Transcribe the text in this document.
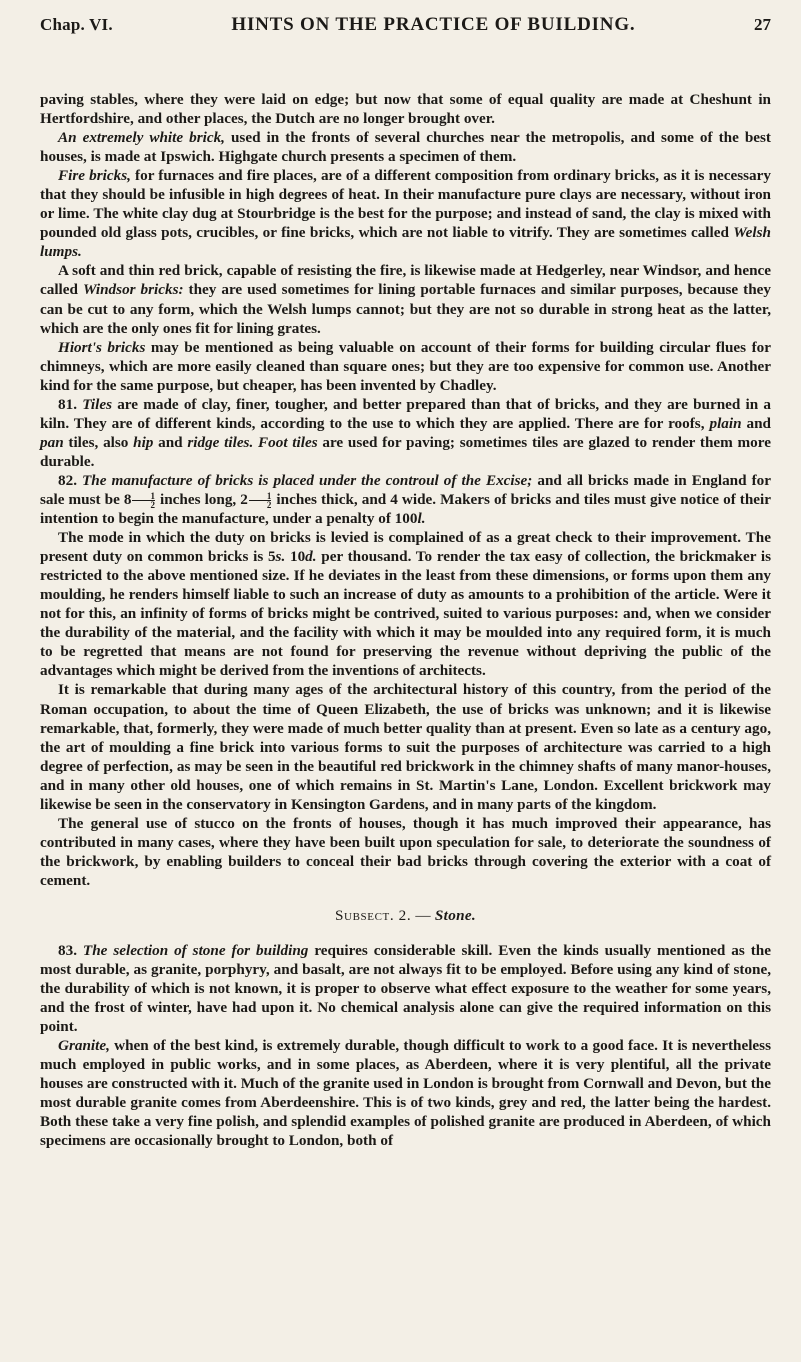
Chap. VI.	HINTS ON THE PRACTICE OF BUILDING.	27

paving stables, where they were laid on edge; but now that some of equal quality are made at Cheshunt in Hertfordshire, and other places, the Dutch are no longer brought over.

An extremely white brick, used in the fronts of several churches near the metropolis, and some of the best houses, is made at Ipswich. Highgate church presents a specimen of them.

Fire bricks, for furnaces and fire places, are of a different composition from ordinary bricks, as it is necessary that they should be infusible in high degrees of heat. In their manufacture pure clays are necessary, without iron or lime. The white clay dug at Stourbridge is the best for the purpose; and instead of sand, the clay is mixed with pounded old glass pots, crucibles, or fine bricks, which are not liable to vitrify. They are sometimes called Welsh lumps.

A soft and thin red brick, capable of resisting the fire, is likewise made at Hedgerley, near Windsor, and hence called Windsor bricks: they are used sometimes for lining portable furnaces and similar purposes, because they can be cut to any form, which the Welsh lumps cannot; but they are not so durable in strong heat as the latter, which are the only ones fit for lining grates.

Hiort's bricks may be mentioned as being valuable on account of their forms for building circular flues for chimneys, which are more easily cleaned than square ones; but they are too expensive for common use. Another kind for the same purpose, but cheaper, has been invented by Chadley.

81. Tiles are made of clay, finer, tougher, and better prepared than that of bricks, and they are burned in a kiln. They are of different kinds, according to the use to which they are applied. There are for roofs, plain and pan tiles, also hip and ridge tiles. Foot tiles are used for paving; sometimes tiles are glazed to render them more durable.

82. The manufacture of bricks is placed under the controul of the Excise; and all bricks made in England for sale must be $8 \frac{1}{2}$ inches long, $2 \frac{1}{2}$ inches thick, and 4 wide. Makers of bricks and tiles must give notice of their intention to begin the manufacture, under a penalty of 100l.

The mode in which the duty on bricks is levied is complained of as a great check to their improvement. The present duty on common bricks is 5s. 10d. per thousand. To render the tax easy of collection, the brickmaker is restricted to the above mentioned size. If he deviates in the least from these dimensions, or forms upon them any moulding, he renders himself liable to such an increase of duty as amounts to a prohibition of the article. Were it not for this, an infinity of forms of bricks might be contrived, suited to various purposes: and, when we consider the durability of the material, and the facility with which it may be moulded into any required form, it is much to be regretted that means are not found for preserving the revenue without depriving the public of the advantages which might be derived from the inventions of architects.

It is remarkable that during many ages of the architectural history of this country, from the period of the Roman occupation, to about the time of Queen Elizabeth, the use of bricks was unknown; and it is likewise remarkable, that, formerly, they were made of much better quality than at present. Even so late as a century ago, the art of moulding a fine brick into various forms to suit the purposes of architecture was carried to a high degree of perfection, as may be seen in the beautiful red brickwork in the chimney shafts of many manor-houses, and in many other old houses, one of which remains in St. Martin's Lane, London. Excellent brickwork may likewise be seen in the conservatory in Kensington Gardens, and in many parts of the kingdom.

The general use of stucco on the fronts of houses, though it has much improved their appearance, has contributed in many cases, where they have been built upon speculation for sale, to deteriorate the soundness of the brickwork, by enabling builders to conceal their bad bricks through covering the exterior with a coat of cement.

Subsect. 2. — Stone.

83. The selection of stone for building requires considerable skill. Even the kinds usually mentioned as the most durable, as granite, porphyry, and basalt, are not always fit to be employed. Before using any kind of stone, the durability of which is not known, it is proper to observe what effect exposure to the weather for some years, and the frost of winter, have had upon it. No chemical analysis alone can give the required information on this point.

Granite, when of the best kind, is extremely durable, though difficult to work to a good face. It is nevertheless much employed in public works, and in some places, as Aberdeen, where it is very plentiful, all the private houses are constructed with it. Much of the granite used in London is brought from Cornwall and Devon, but the most durable granite comes from Aberdeenshire. This is of two kinds, grey and red, the latter being the hardest. Both these take a very fine polish, and splendid examples of polished granite are produced in Aberdeen, of which specimens are occasionally brought to London, both of
